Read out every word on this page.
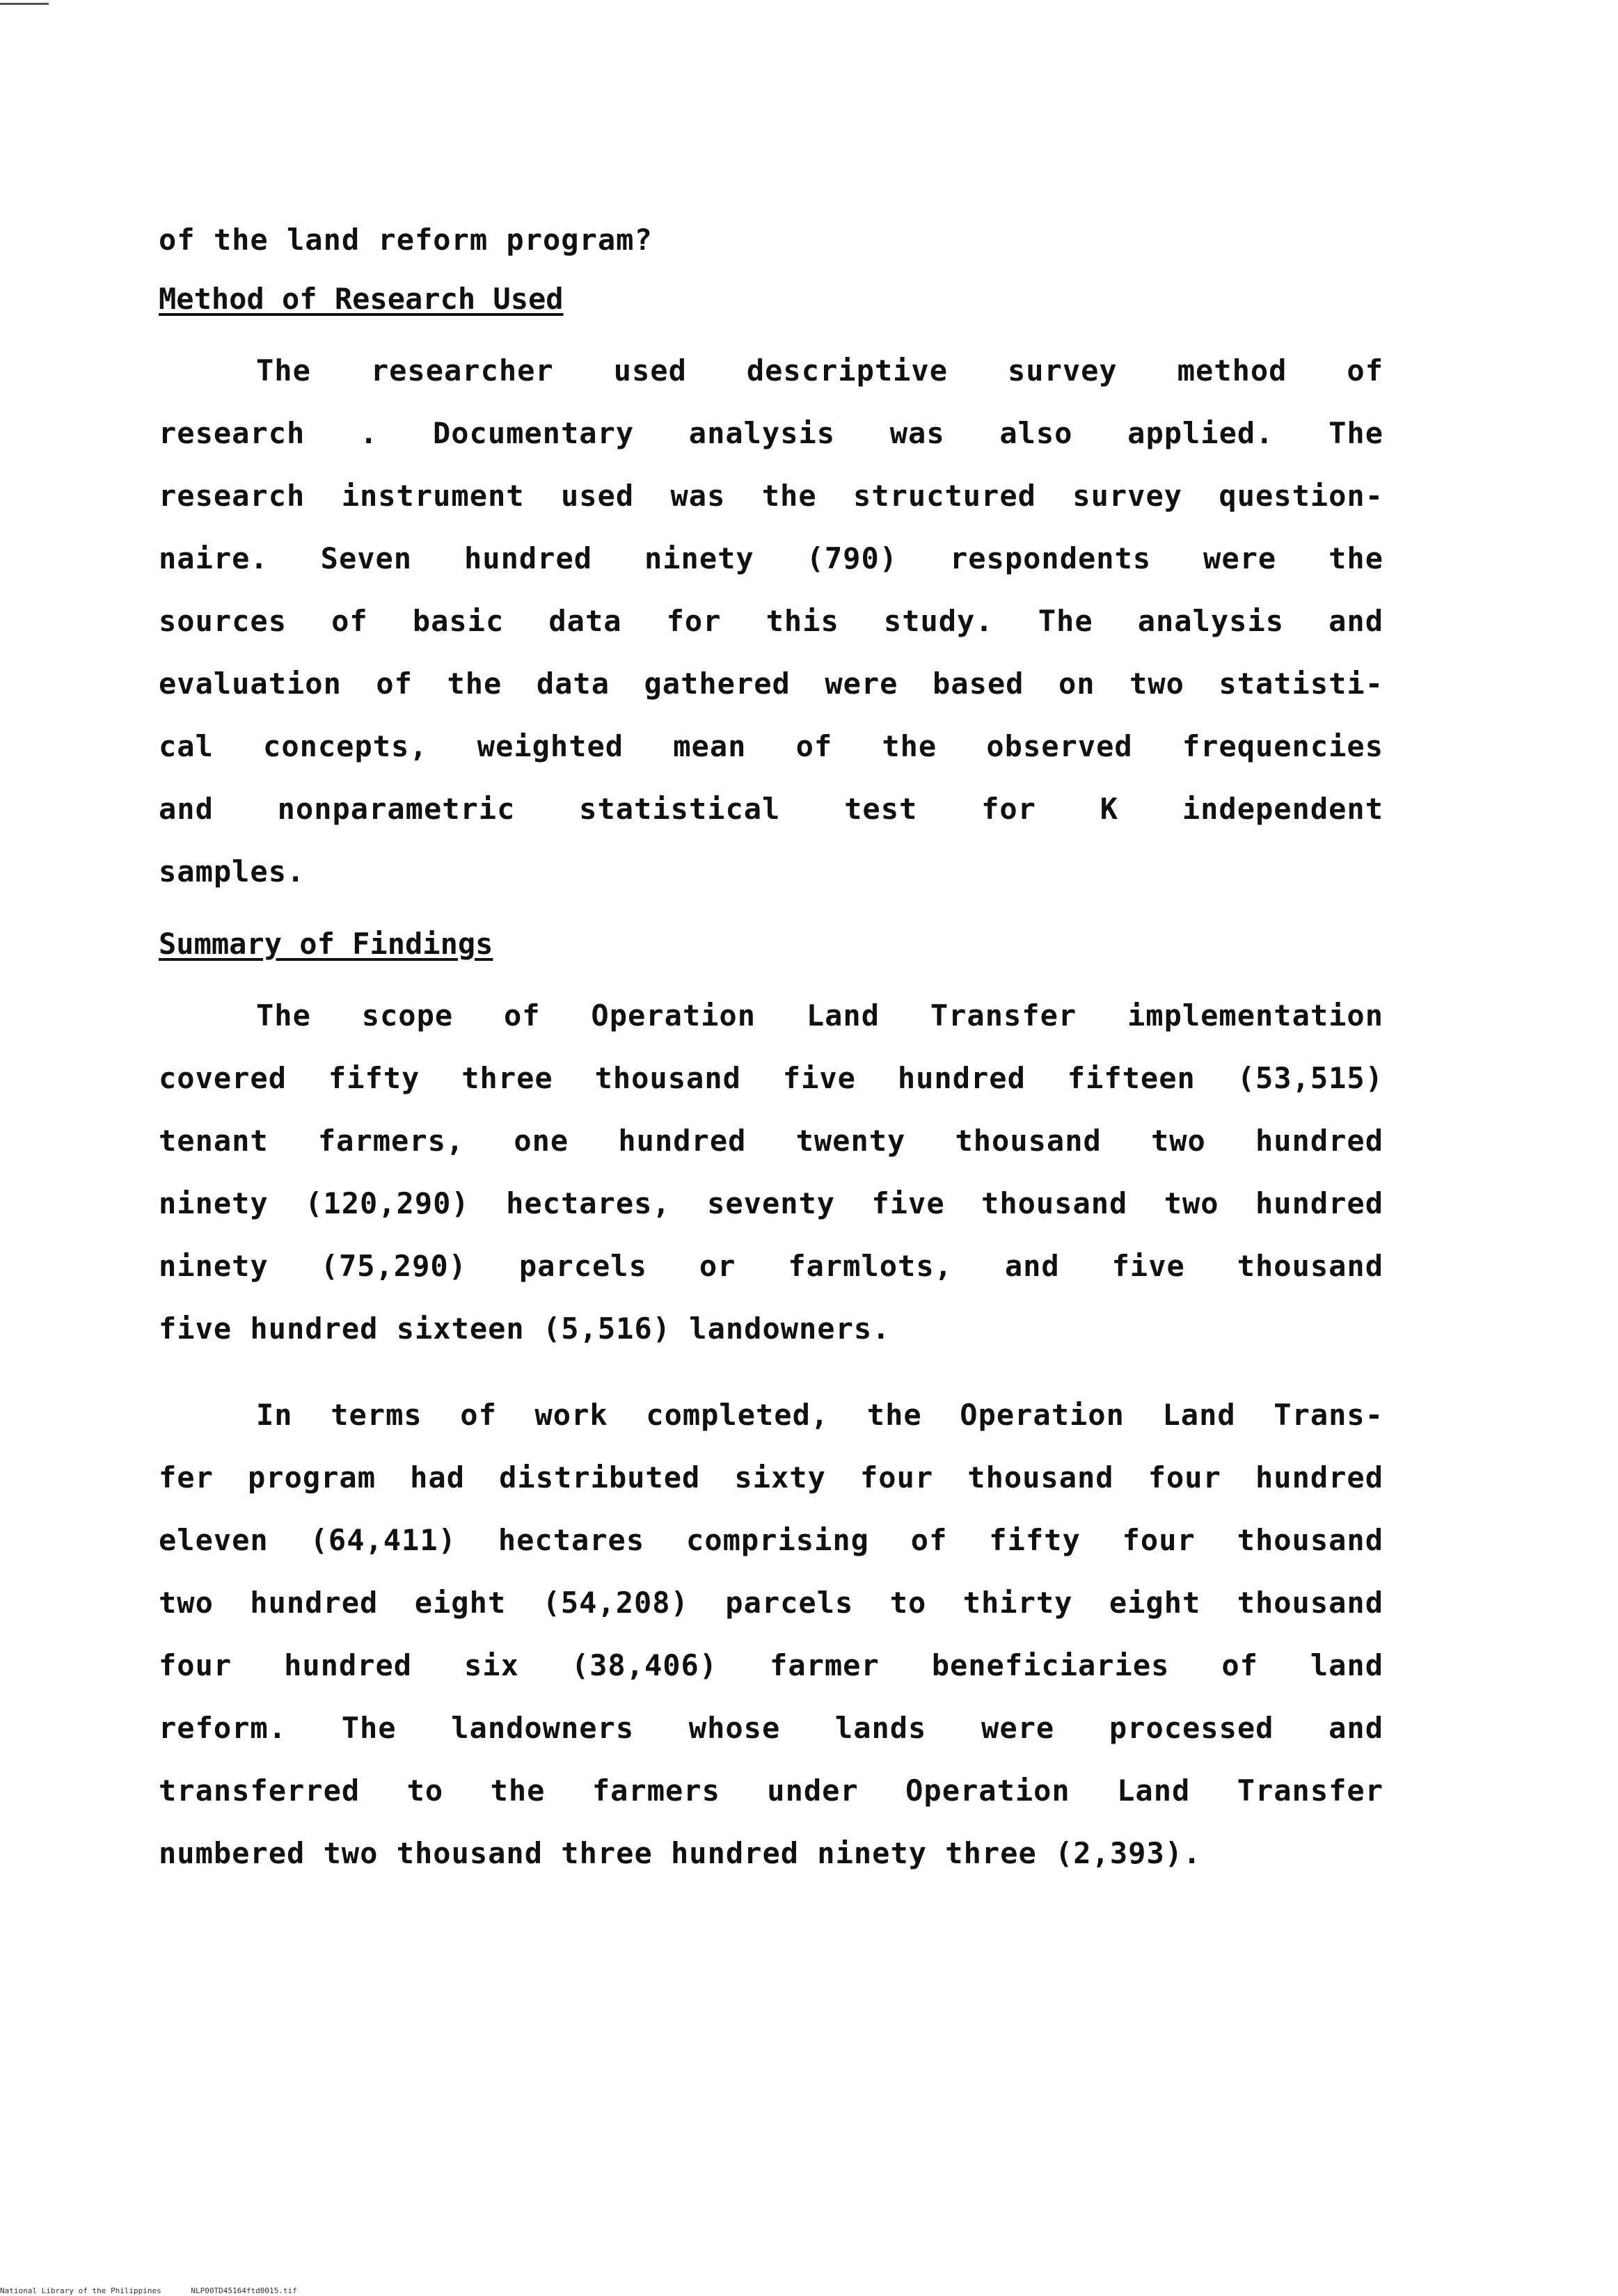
of the land reform program?
Method of Research Used
The researcher used descriptive survey method of
research . Documentary analysis was also applied. The
research instrument used was the structured survey question-
naire. Seven hundred ninety (790) respondents were the
sources of basic data for this study. The analysis and
evaluation of the data gathered were based on two statisti-
cal concepts, weighted mean of the observed frequencies
and nonparametric statistical test for K independent
samples.
Summary of Findings
The scope of Operation Land Transfer implementation
covered fifty three thousand five hundred fifteen (53,515)
tenant farmers, one hundred twenty thousand two hundred
ninety (120,290) hectares, seventy five thousand two hundred
ninety (75,290) parcels or farmlots, and five thousand
five hundred sixteen (5,516) landowners.
In terms of work completed, the Operation Land Trans-
fer program had distributed sixty four thousand four hundred
eleven (64,411) hectares comprising of fifty four thousand
two hundred eight (54,208) parcels to thirty eight thousand
four hundred six (38,406) farmer beneficiaries of land
reform. The landowners whose lands were processed and
transferred to the farmers under Operation Land Transfer
numbered two thousand three hundred ninety three (2,393).
National Library of the Philippines	NLP00TD45164ftd0015.tif
